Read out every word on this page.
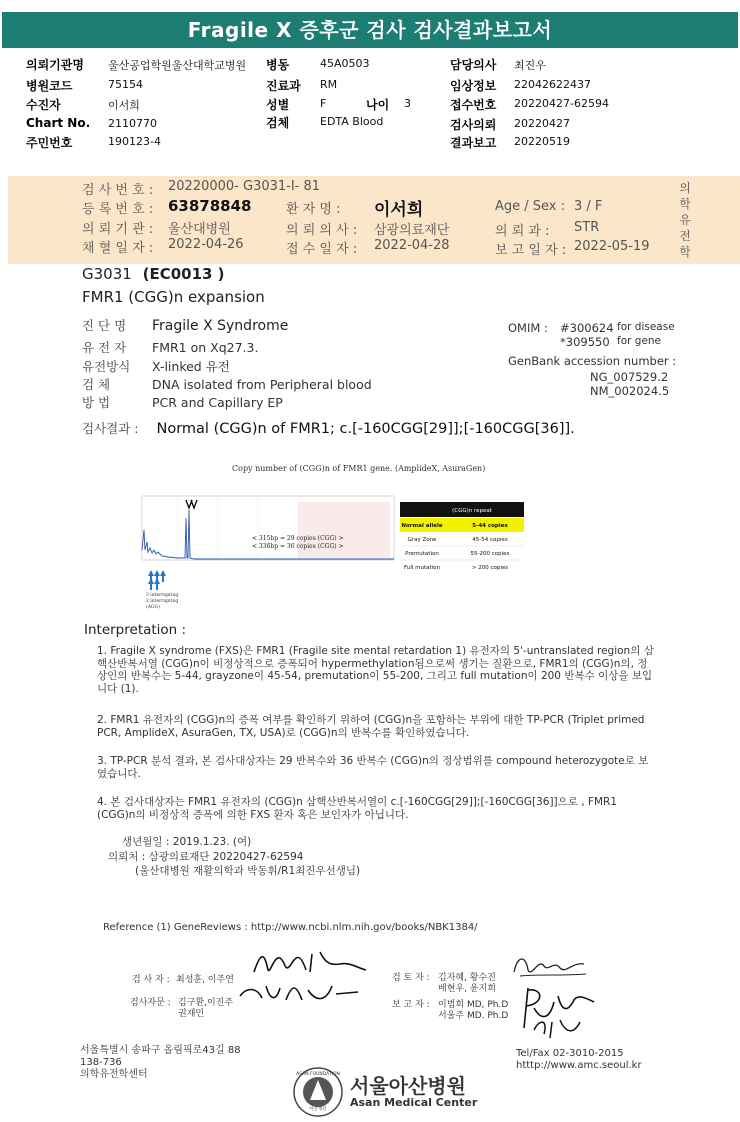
Fragile X 증후군 검사 검사결과보고서
의뢰기관명 울산공업학원울산대학교병원
병원코드	75154
수진자	이서희
Chart No. 2110770
주민번호	190123-4
병동	45A0503
진료과 RM
성별	F	나이 3
검체	EDTA Blood
담당의사 최진우
임상정보 22042622437
접수번호 20220427-62594
검사의뢰 20220427
결과보고 20220519
검 사 번 호 : 20220000- G3031-I- 81
등 록 번 호 : 63878848	환 자 명 : 이서희	Age / Sex : 3 / F
의 뢰 기 관 : 울산대병원	의 뢰 의 사 : 삼광의료재단	의 뢰 과 : STR
채 혈 일 자 : 2022-04-26	접 수 일 자 : 2022-04-28	보 고 일 자 : 2022-05-19
의
학
유
전
학
G3031 (EC0013 )
FMR1 (CGG)n expansion
진 단 명 Fragile X Syndrome
유 전 자 FMR1 on Xq27.3.
유전방식 X-linked 유전
검 체	DNA isolated from Peripheral blood
방 법	PCR and Capillary EP
OMIM : #300624 for disease
*309550 for gene
GenBank accession number :
NG_007529.2
NM_002024.5
검사결과 : Normal (CGG)n of FMR1; c.[-160CGG[29]];[-160CGG[36]].
Copy number of (CGG)n of FMR1 gene. (AmplideX, AsuraGen)
< 315bp = 29 copies (CGG) >
< 336bp = 36 copies (CGG) >
3 interrupting
2 interrupting
(AGG)
(CGG)n repeat
Normal allele	5-44 copies
Gray Zone	45-54 copies
Premutation	55-200 copies
Full mutation	> 200 copies
Interpretation :
1. Fragile X syndrome (FXS)은 FMR1 (Fragile site mental retardation 1) 유전자의 5'-untranslated region의 삼핵산반복서열 (CGG)n이 비정상적으로 증폭되어 hypermethylation됨으로써 생기는 질환으로, FMR1의 (CGG)n의, 정상인의 반복수는 5-44, grayzone이 45-54, premutation이 55-200, 그리고 full mutation이 200 반복수 이상을 보입니다 (1).
2. FMR1 유전자의 (CGG)n의 증폭 여부를 확인하기 위하여 (CGG)n을 포함하는 부위에 대한 TP-PCR (Triplet primed PCR, AmplideX, AsuraGen, TX, USA)로 (CGG)n의 반복수를 확인하였습니다.
3. TP-PCR 분석 결과, 본 검사대상자는 29 반복수와 36 반복수 (CGG)n의 정상범위를 compound heterozygote로 보였습니다.
4. 본 검사대상자는 FMR1 유전자의 (CGG)n 삼핵산반복서열이 c.[-160CGG[29]];[-160CGG[36]]으로 , FMR1 (CGG)n의 비정상적 증폭에 의한 FXS 환자 혹은 보인자가 아닙니다.
생년월일 : 2019.1.23. (여)
의뢰처 : 삼광의료재단 20220427-62594
(울산대병원 재활의학과 박동휘/R1최진우선생님)
Reference (1) GeneReviews : http://www.ncbi.nlm.nih.gov/books/NBK1384/
검 사 자 : 최성훈, 이주연
검사자문 : 김구환,이진주
권재민
검 토 자 : 김자혜, 황수진
배현우, 윤지희
보 고 자 : 이범희 MD, Ph.D
서울주 MD. Ph.D
서울특별시 송파구 올림픽로43길 88
138-736
의학유전학센터
Tel/Fax 02-3010-2015
htttp://www.amc.seoul.kr
아산재단
ASAN FOUNDATION 서울아산병원
Asan Medical Center
